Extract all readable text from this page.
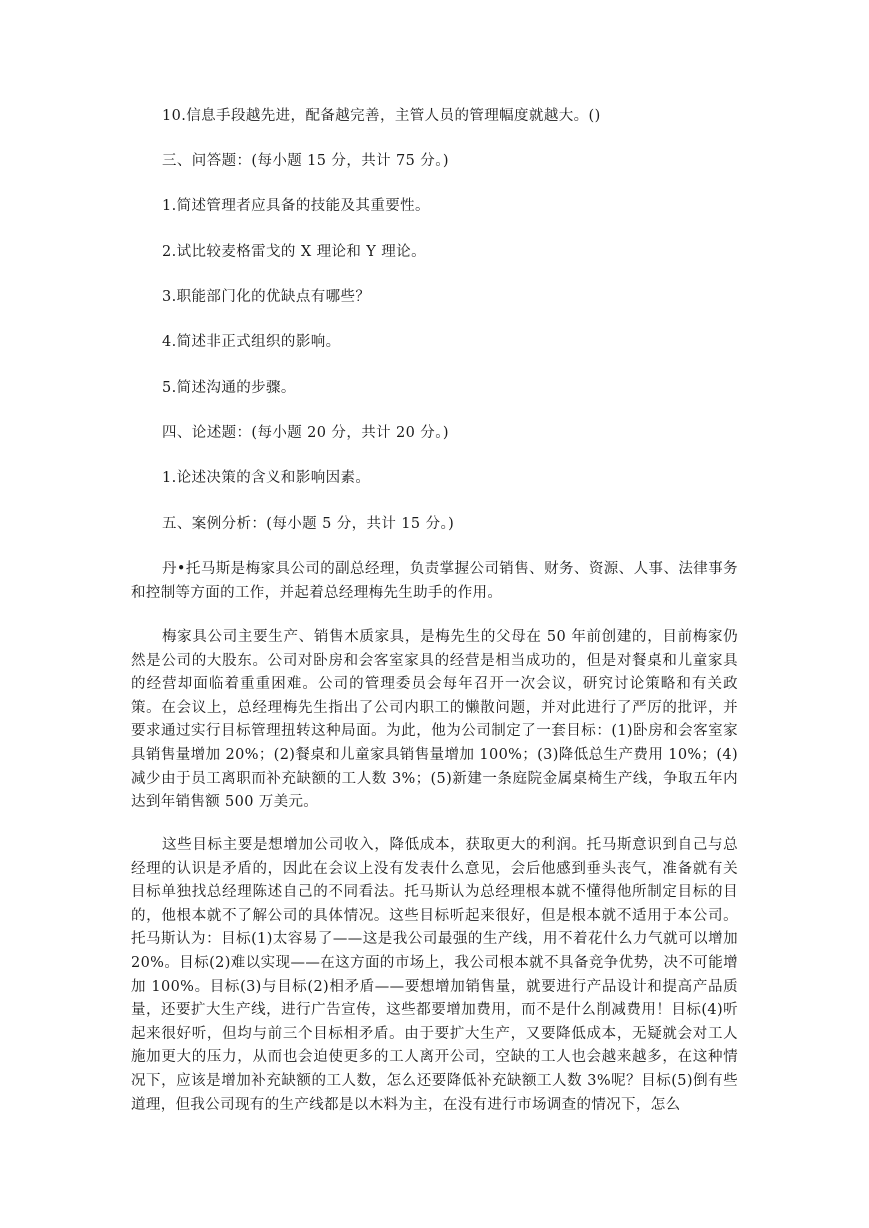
10.信息手段越先进，配备越完善，主管人员的管理幅度就越大。()
三、问答题：(每小题 15 分，共计 75 分。)
1.简述管理者应具备的技能及其重要性。
2.试比较麦格雷戈的 X 理论和 Y 理论。
3.职能部门化的优缺点有哪些？
4.简述非正式组织的影响。
5.简述沟通的步骤。
四、论述题：(每小题 20 分，共计 20 分。)
1.论述决策的含义和影响因素。
五、案例分析：(每小题 5 分，共计 15 分。)

丹•托马斯是梅家具公司的副总经理，负责掌握公司销售、财务、资源、人事、法律事务和控制等方面的工作，并起着总经理梅先生助手的作用。

梅家具公司主要生产、销售木质家具，是梅先生的父母在 50 年前创建的，目前梅家仍然是公司的大股东。公司对卧房和会客室家具的经营是相当成功的，但是对餐桌和儿童家具的经营却面临着重重困难。公司的管理委员会每年召开一次会议，研究讨论策略和有关政策。在会议上，总经理梅先生指出了公司内职工的懒散问题，并对此进行了严厉的批评，并要求通过实行目标管理扭转这种局面。为此，他为公司制定了一套目标：(1)卧房和会客室家具销售量增加 20%；(2)餐桌和儿童家具销售量增加 100%；(3)降低总生产费用 10%；(4)减少由于员工离职而补充缺额的工人数 3%；(5)新建一条庭院金属桌椅生产线，争取五年内达到年销售额 500 万美元。

这些目标主要是想增加公司收入，降低成本，获取更大的利润。托马斯意识到自己与总经理的认识是矛盾的，因此在会议上没有发表什么意见，会后他感到垂头丧气，准备就有关目标单独找总经理陈述自己的不同看法。托马斯认为总经理根本就不懂得他所制定目标的目的，他根本就不了解公司的具体情况。这些目标听起来很好，但是根本就不适用于本公司。托马斯认为：目标(1)太容易了——这是我公司最强的生产线，用不着花什么力气就可以增加 20%。目标(2)难以实现——在这方面的市场上，我公司根本就不具备竞争优势，决不可能增加 100%。目标(3)与目标(2)相矛盾——要想增加销售量，就要进行产品设计和提高产品质量，还要扩大生产线，进行广告宣传，这些都要增加费用，而不是什么削减费用！目标(4)听起来很好听，但均与前三个目标相矛盾。由于要扩大生产，又要降低成本，无疑就会对工人施加更大的压力，从而也会迫使更多的工人离开公司，空缺的工人也会越来越多，在这种情况下，应该是增加补充缺额的工人数，怎么还要降低补充缺额工人数 3%呢？目标(5)倒有些道理，但我公司现有的生产线都是以木料为主，在没有进行市场调查的情况下，怎么
